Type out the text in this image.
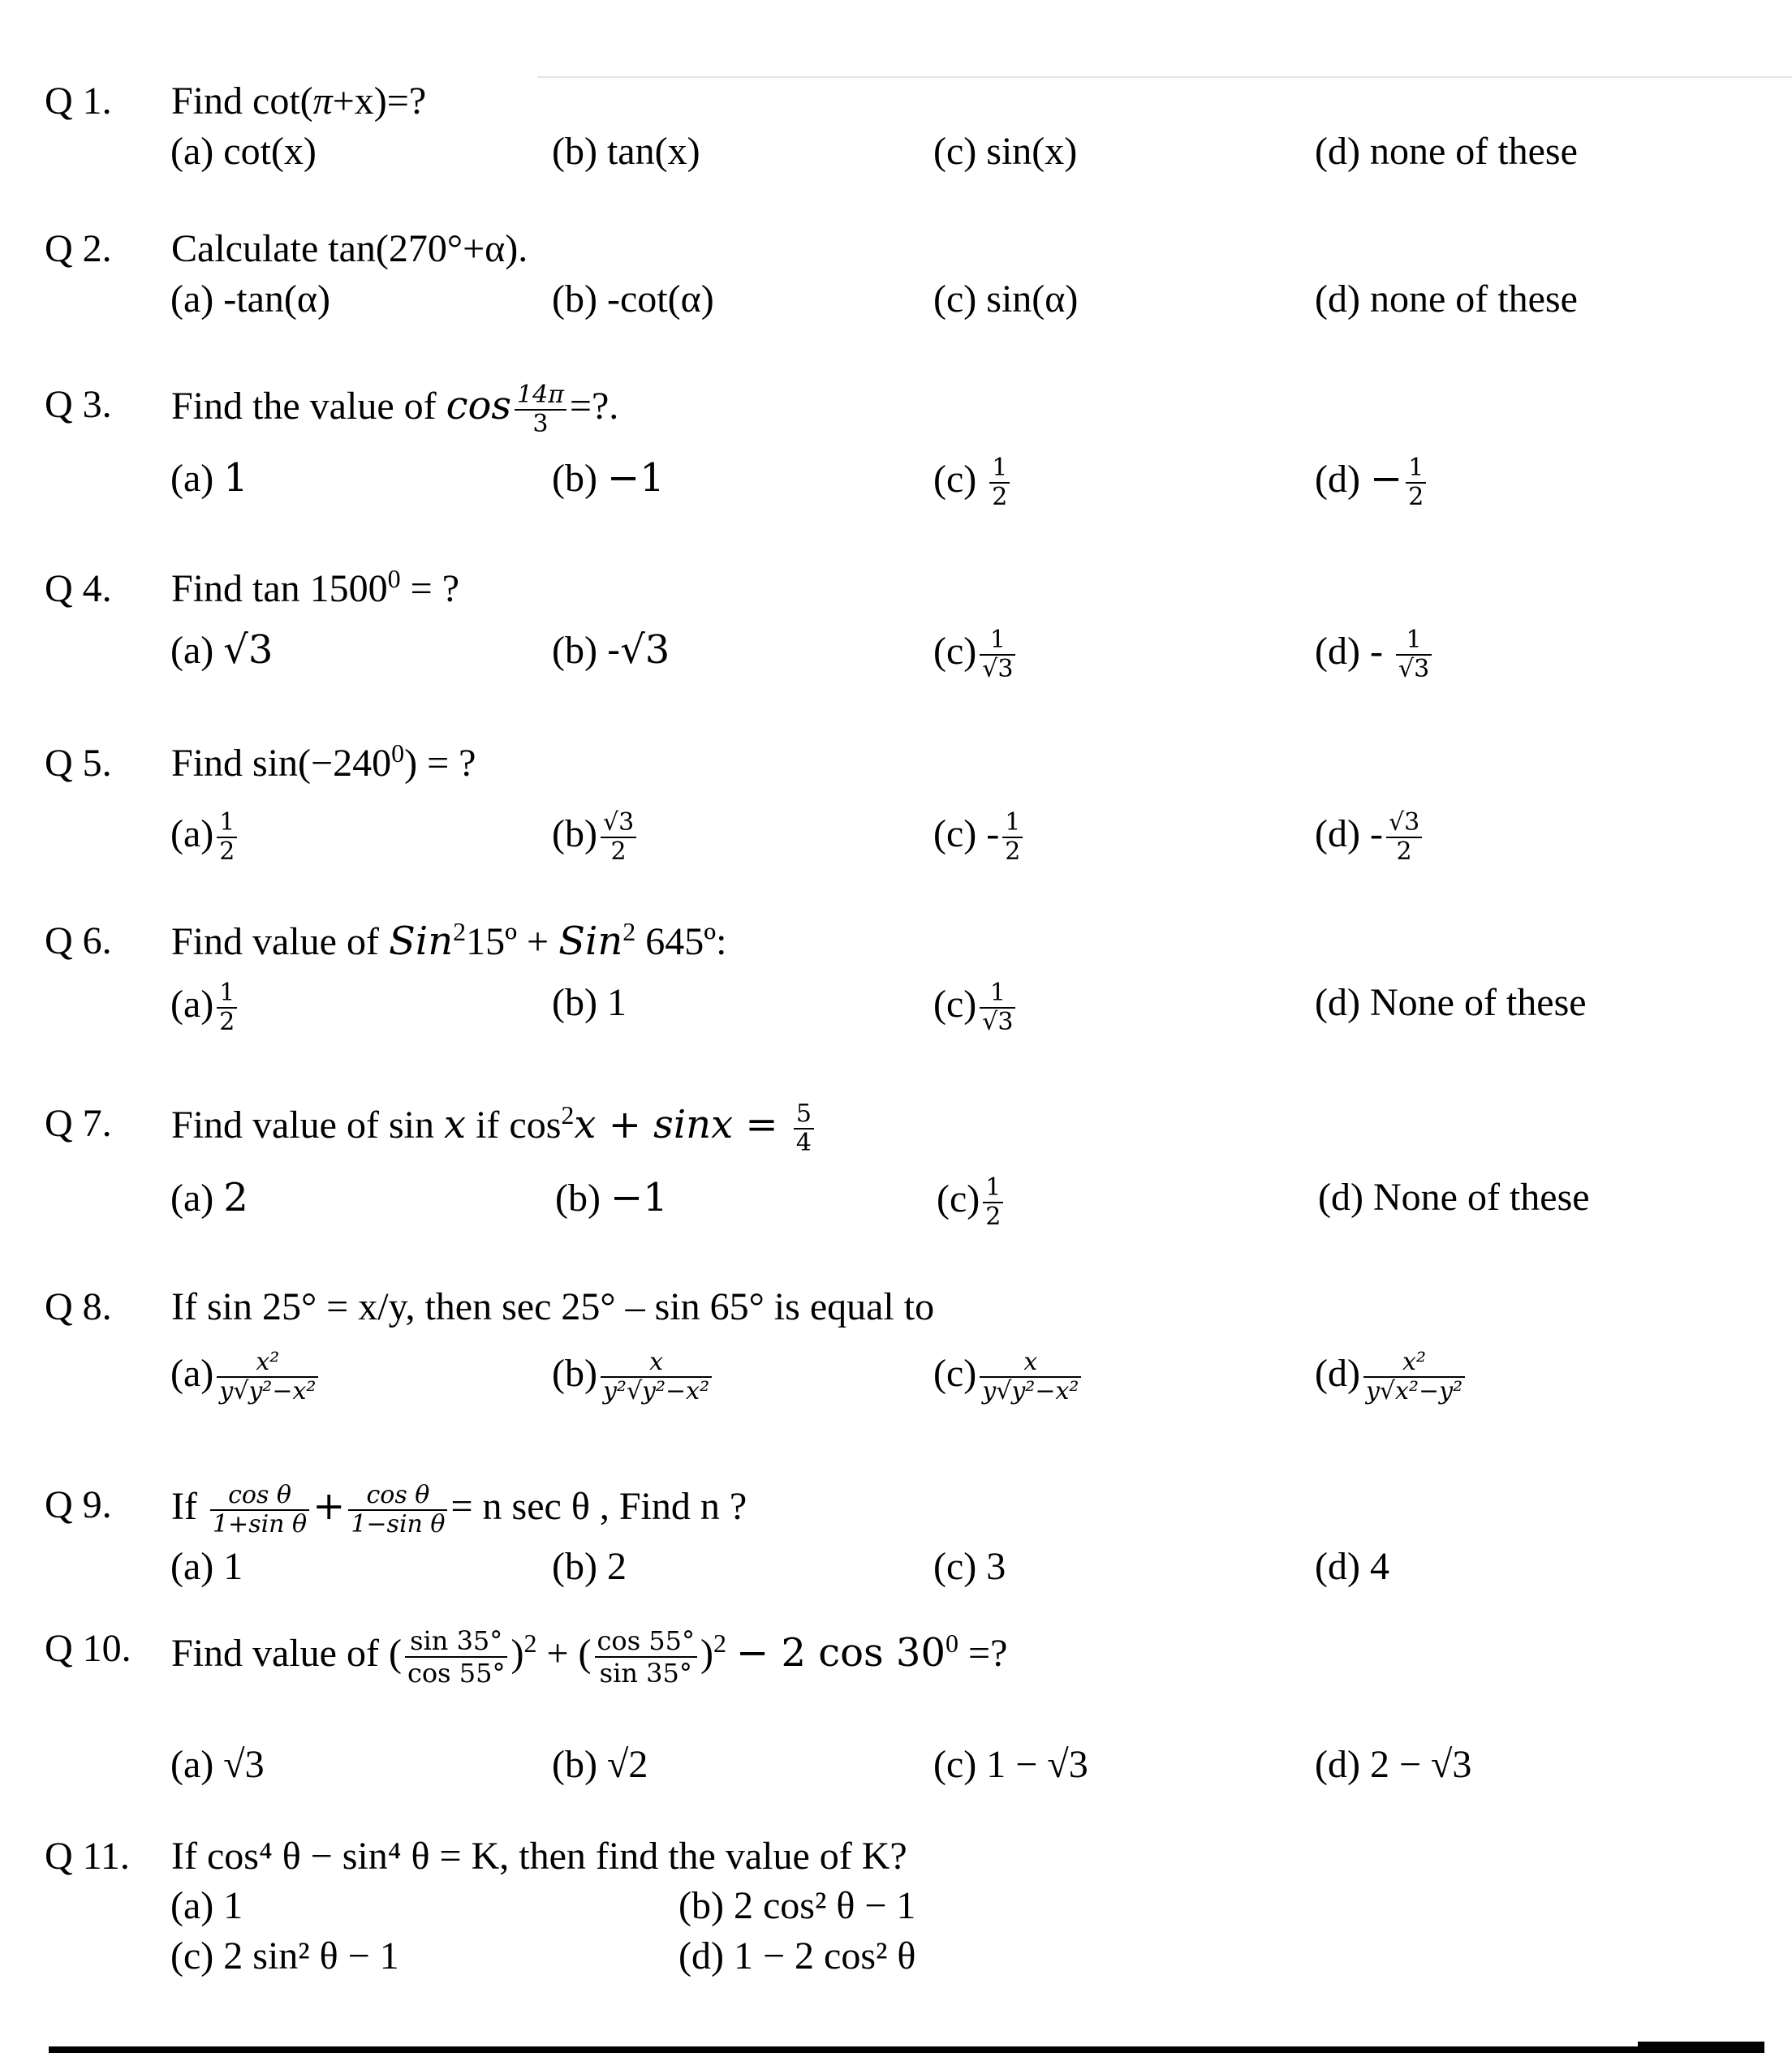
Q 1. Find cot(π+x)=?
(a) cot(x)	(b) tan(x)	(c) sin(x)	(d) none of these
Q 2. Calculate tan(270°+α).
(a) -tan(α)	(b) -cot(α)	(c) sin(α)	(d) none of these
Q 3. Find the value of $\cos \frac{14\pi}{3}$ =?.
(a) 1	(b) −1	$(c) \frac{1}{2}$	$(d) - \frac{1}{2}$
Q 4. Find $\tan 1500^0$ = ?
(a) √3	(b) -√3	$(c) \frac{1}{√3}$	$(d) - \frac{1}{√3}$
Q 5. Find $\sin(-240^0)$ = ?
$(a) \frac{1}{2}$	$(b) \frac{√3}{2}$	$(c) - \frac{1}{2}$	$(d) - \frac{√3}{2}$
Q 6. Find value of Sin$^2$15º + Sin$^2$ 645º:
$(a) \frac{1}{2}$	(b) 1	$(c) \frac{1}{√3}$	(d) None of these
Q 7. Find value of sin x if $\cos^2x + \sin x = \frac{5}{4}$
(a) 2	(b) −1	$(c) \frac{1}{2}$	(d) None of these
Q 8. If sin 25° = x/y, then sec 25° – sin 65° is equal to
$(a) \frac{\text{x²}}{\text{y√y²−x²}}$	$(b) \frac{x}{\text{y²√y²−x²}}$	$(c) \frac{x}{\text{y√y²−x²}}$	$(d) \frac{\text{x²}}{\text{y√x²−y²}}$
Q 9. If $\frac{\text{cos θ}}{\text{1+sin θ}} + \frac{\text{cos θ}}{\text{1−sin θ}} = n$ sec θ , Find n ?
(a) 1	(b) 2	(c) 3	(d) 4
Q 10. Find value of ( $\frac{\sin 35^\circ}{\cos 55^\circ} )^2$ + ( $\frac{\cos 55^\circ}{\sin 35^\circ} )^2 - 2$ $\cos 30^0$ =?
(a) √3	(b) √2	(c) 1 − √3	(d) 2 − √3
Q 11. If cos⁴ θ − sin⁴ θ = K, then find the value of K?
(a) 1	(b) 2 cos² θ − 1
(c) 2 sin² θ − 1	(d) 1 − 2 cos² θ
